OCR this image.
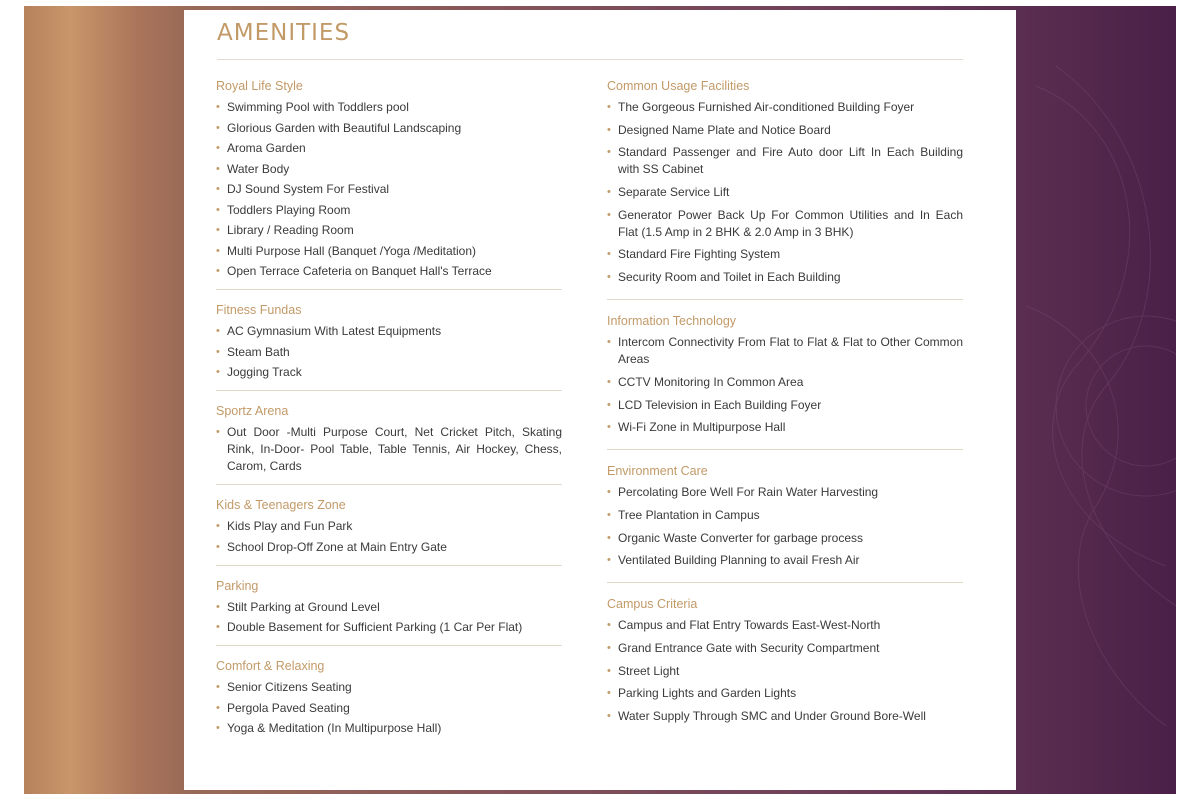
AMENITIES
Royal Life Style
• Swimming Pool with Toddlers pool
• Glorious Garden with Beautiful Landscaping
• Aroma Garden
• Water Body
• DJ Sound System For Festival
• Toddlers Playing Room
• Library / Reading Room
• Multi Purpose Hall (Banquet /Yoga /Meditation)
• Open Terrace Cafeteria on Banquet Hall's Terrace
Fitness Fundas
• AC Gymnasium With Latest Equipments
• Steam Bath
• Jogging Track
Sportz Arena
• Out Door -Multi Purpose Court, Net Cricket Pitch, Skating Rink, In-Door- Pool Table, Table Tennis, Air Hockey, Chess, Carom, Cards
Kids & Teenagers Zone
• Kids Play and Fun Park
• School Drop-Off Zone at Main Entry Gate
Parking
• Stilt Parking at Ground Level
• Double Basement for Sufficient Parking (1 Car Per Flat)
Comfort & Relaxing
• Senior Citizens Seating
• Pergola Paved Seating
• Yoga & Meditation (In Multipurpose Hall)
Common Usage Facilities
• The Gorgeous Furnished Air-conditioned Building Foyer
• Designed Name Plate and Notice Board
• Standard Passenger and Fire Auto door Lift In Each Building with SS Cabinet
• Separate Service Lift
• Generator Power Back Up For Common Utilities and In Each Flat (1.5 Amp in 2 BHK & 2.0 Amp in 3 BHK)
• Standard Fire Fighting System
• Security Room and Toilet in Each Building
Information Technology
• Intercom Connectivity From Flat to Flat & Flat to Other Common Areas
• CCTV Monitoring In Common Area
• LCD Television in Each Building Foyer
• Wi-Fi Zone in Multipurpose Hall
Environment Care
• Percolating Bore Well For Rain Water Harvesting
• Tree Plantation in Campus
• Organic Waste Converter for garbage process
• Ventilated Building Planning to avail Fresh Air
Campus Criteria
• Campus and Flat Entry Towards East-West-North
• Grand Entrance Gate with Security Compartment
• Street Light
• Parking Lights and Garden Lights
• Water Supply Through SMC and Under Ground Bore-Well
